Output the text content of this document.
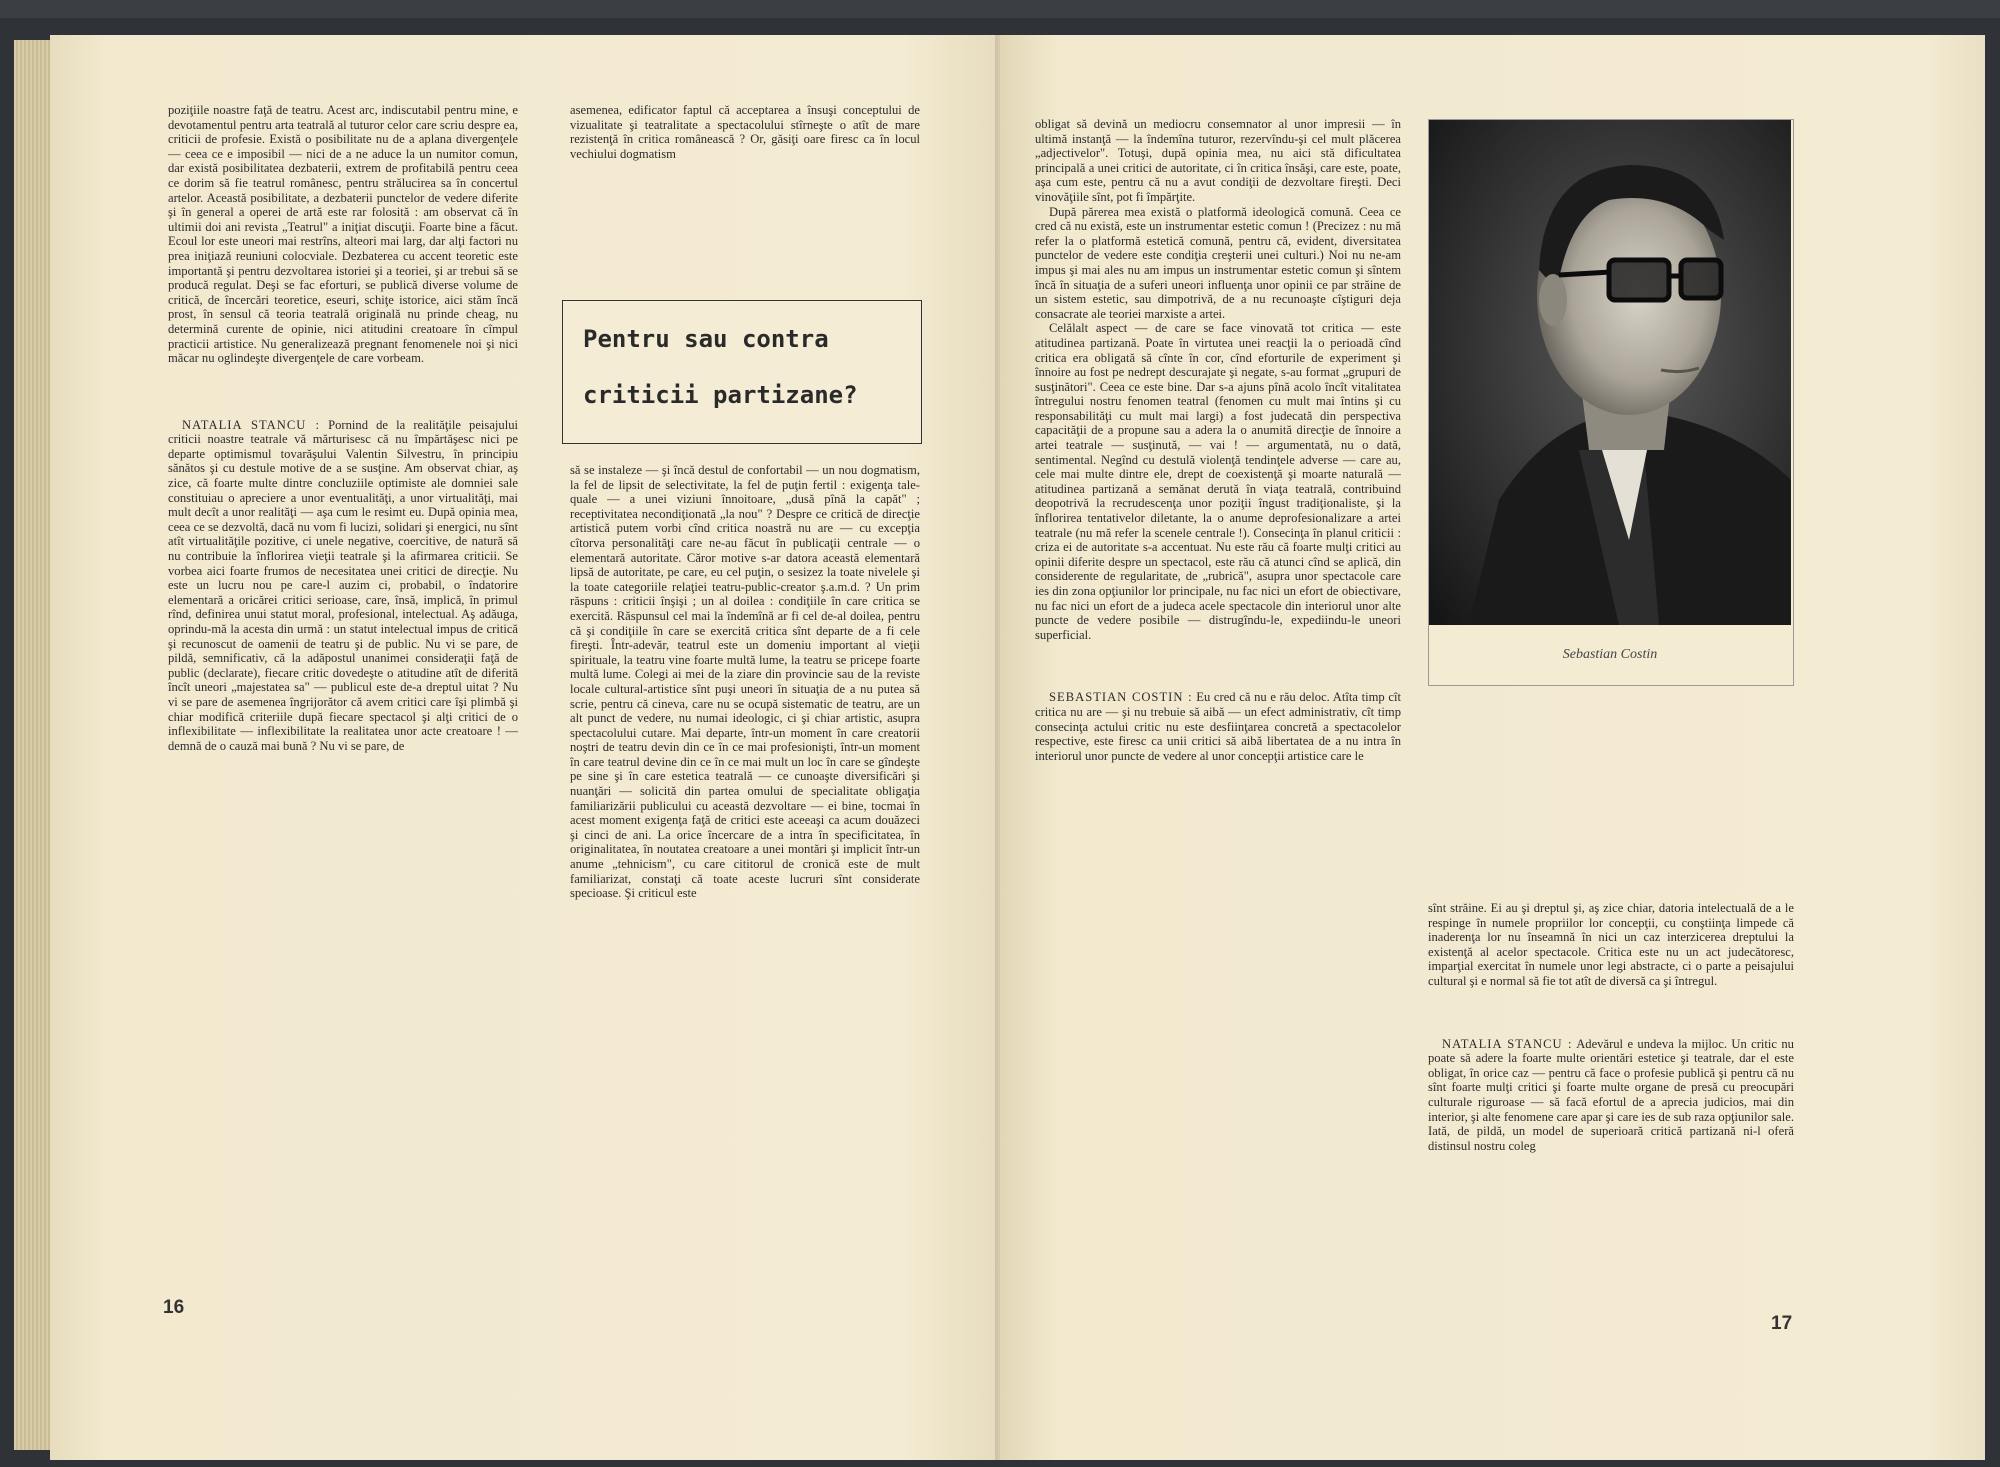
poziţiile noastre faţă de teatru. Acest arc, indiscutabil pentru mine, e devotamentul pentru arta teatrală al tuturor celor care scriu despre ea, criticii de profesie. Există o posibilitate nu de a aplana divergenţele — ceea ce e imposibil — nici de a ne aduce la un numitor comun, dar există posibilitatea dezbaterii, extrem de profitabilă pentru ceea ce dorim să fie teatrul românesc, pentru strălucirea sa în concertul artelor. Această posibilitate, a dezbaterii punctelor de vedere diferite şi în general a operei de artă este rar folosită : am observat că în ultimii doi ani revista „Teatrul" a iniţiat discuţii. Foarte bine a făcut. Ecoul lor este uneori mai restrîns, alteori mai larg, dar alţi factori nu prea iniţiază reuniuni colocviale. Dezbaterea cu accent teoretic este importantă şi pentru dezvoltarea istoriei şi a teoriei, şi ar trebui să se producă regulat. Deşi se fac eforturi, se publică diverse volume de critică, de încercări teoretice, eseuri, schiţe istorice, aici stăm încă prost, în sensul că teoria teatrală originală nu prinde cheag, nu determină curente de opinie, nici atitudini creatoare în cîmpul practicii artistice. Nu generalizează pregnant fenomenele noi şi nici măcar nu oglindeşte divergenţele de care vorbeam.

NATALIA STANCU : Pornind de la realităţile peisajului criticii noastre teatrale vă mărturisesc că nu împărtăşesc nici pe departe optimismul tovarăşului Valentin Silvestru, în principiu sănătos şi cu destule motive de a se susţine. Am observat chiar, aş zice, că foarte multe dintre concluziile optimiste ale domniei sale constituiau o apreciere a unor eventualităţi, a unor virtualităţi, mai mult decît a unor realităţi — aşa cum le resimt eu. După opinia mea, ceea ce se dezvoltă, dacă nu vom fi lucizi, solidari şi energici, nu sînt atît virtualităţile pozitive, ci unele negative, coercitive, de natură să nu contribuie la înflorirea vieţii teatrale şi la afirmarea criticii. Se vorbea aici foarte frumos de necesitatea unei critici de direcţie. Nu este un lucru nou pe care-l auzim ci, probabil, o îndatorire elementară a oricărei critici serioase, care, însă, implică, în primul rînd, definirea unui statut moral, profesional, intelectual. Aş adăuga, oprindu-mă la acesta din urmă : un statut intelectual impus de critică şi recunoscut de oamenii de teatru şi de public. Nu vi se pare, de pildă, semnificativ, că la adăpostul unanimei consideraţii faţă de public (declarate), fiecare critic dovedeşte o atitudine atît de diferită încît uneori „majestatea sa" — publicul este de-a dreptul uitat ? Nu vi se pare de asemenea îngrijorător că avem critici care îşi plimbă şi chiar modifică criteriile după fiecare spectacol şi alţi critici de o inflexibilitate — inflexibilitate la realitatea unor acte creatoare ! — demnă de o cauză mai bună ? Nu vi se pare, de

asemenea, edificator faptul că acceptarea a însuşi conceptului de vizualitate şi teatralitate a spectacolului stîrneşte o atît de mare rezistenţă în critica românească ? Or, găsiţi oare firesc ca în locul vechiului dogmatism

Pentru sau contra
criticii partizane?

să se instaleze — şi încă destul de confortabil — un nou dogmatism, la fel de lipsit de selectivitate, la fel de puţin fertil : exigenţa tale-quale — a unei viziuni înnoitoare, „dusă pînă la capăt" ; receptivitatea necondiţionată „la nou" ? Despre ce critică de direcţie artistică putem vorbi cînd critica noastră nu are — cu excepţia cîtorva personalităţi care ne-au făcut în publicaţii centrale — o elementară autoritate. Căror motive s-ar datora această elementară lipsă de autoritate, pe care, eu cel puţin, o sesizez la toate nivelele şi la toate categoriile relaţiei teatru-public-creator ş.a.m.d. ? Un prim răspuns : criticii înşişi ; un al doilea : condiţiile în care critica se exercită. Răspunsul cel mai la îndemînă ar fi cel de-al doilea, pentru că şi condiţiile în care se exercită critica sînt departe de a fi cele fireşti. Într-adevăr, teatrul este un domeniu important al vieţii spirituale, la teatru vine foarte multă lume, la teatru se pricepe foarte multă lume. Colegi ai mei de la ziare din provincie sau de la reviste locale cultural-artistice sînt puşi uneori în situaţia de a nu putea să scrie, pentru că cineva, care nu se ocupă sistematic de teatru, are un alt punct de vedere, nu numai ideologic, ci şi chiar artistic, asupra spectacolului cutare. Mai departe, într-un moment în care creatorii noştri de teatru devin din ce în ce mai profesionişti, într-un moment în care teatrul devine din ce în ce mai mult un loc în care se gîndeşte pe sine şi în care estetica teatrală — ce cunoaşte diversificări şi nuanţări — solicită din partea omului de specialitate obligaţia familiarizării publicului cu această dezvoltare — ei bine, tocmai în acest moment exigenţa faţă de critici este aceeaşi ca acum douăzeci şi cinci de ani. La orice încercare de a intra în specificitatea, în originalitatea, în noutatea creatoare a unei montări şi implicit într-un anume „tehnicism", cu care cititorul de cronică este de mult familiarizat, constaţi că toate aceste lucruri sînt considerate specioase. Şi criticul este

16

obligat să devină un mediocru consemnator al unor impresii — în ultimă instanţă — la îndemîna tuturor, rezervîndu-şi cel mult plăcerea „adjectivelor". Totuşi, după opinia mea, nu aici stă dificultatea principală a unei critici de autoritate, ci în critica însăşi, care este, poate, aşa cum este, pentru că nu a avut condiţii de dezvoltare fireşti. Deci vinovăţiile sînt, pot fi împărţite.

După părerea mea există o platformă ideologică comună. Ceea ce cred că nu există, este un instrumentar estetic comun ! (Precizez : nu mă refer la o platformă estetică comună, pentru că, evident, diversitatea punctelor de vedere este condiţia creşterii unei culturi.) Noi nu ne-am impus şi mai ales nu am impus un instrumentar estetic comun şi sîntem încă în situaţia de a suferi uneori influenţa unor opinii ce par străine de un sistem estetic, sau dimpotrivă, de a nu recunoaşte cîştiguri deja consacrate ale teoriei marxiste a artei.

Celălalt aspect — de care se face vinovată tot critica — este atitudinea partizană. Poate în virtutea unei reacţii la o perioadă cînd critica era obligată să cînte în cor, cînd eforturile de experiment şi înnoire au fost pe nedrept descurajate şi negate, s-au format „grupuri de susţinători". Ceea ce este bine. Dar s-a ajuns pînă acolo încît vitalitatea întregului nostru fenomen teatral (fenomen cu mult mai întins şi cu responsabilităţi cu mult mai largi) a fost judecată din perspectiva capacităţii de a propune sau a adera la o anumită direcţie de înnoire a artei teatrale — susţinută, — vai ! — argumentată, nu o dată, sentimental. Negînd cu destulă violenţă tendinţele adverse — care au, cele mai multe dintre ele, drept de coexistenţă şi moarte naturală — atitudinea partizană a semănat derută în viaţa teatrală, contribuind deopotrivă la recrudescenţa unor poziţii îngust tradiţionaliste, şi la înflorirea tentativelor diletante, la o anume deprofesionalizare a artei teatrale (nu mă refer la scenele centrale !). Consecinţa în planul criticii : criza ei de autoritate s-a accentuat. Nu este rău că foarte mulţi critici au opinii diferite despre un spectacol, este rău că atunci cînd se aplică, din considerente de regularitate, de „rubrică", asupra unor spectacole care ies din zona opţiunilor lor principale, nu fac nici un efort de obiectivare, nu fac nici un efort de a judeca acele spectacole din interiorul unor alte puncte de vedere posibile — distrugîndu-le, expediindu-le uneori superficial.

SEBASTIAN COSTIN : Eu cred că nu e rău deloc. Atîta timp cît critica nu are — şi nu trebuie să aibă — un efect administrativ, cît timp consecinţa actului critic nu este desfiinţarea concretă a spectacolelor respective, este firesc ca unii critici să aibă libertatea de a nu intra în interiorul unor puncte de vedere al unor concepţii artistice care le

Sebastian Costin

sînt străine. Ei au şi dreptul şi, aş zice chiar, datoria intelectuală de a le respinge în numele propriilor lor concepţii, cu conştiinţa limpede că inaderenţa lor nu înseamnă în nici un caz interzicerea dreptului la existenţă al acelor spectacole. Critica este nu un act judecătoresc, imparţial exercitat în numele unor legi abstracte, ci o parte a peisajului cultural şi e normal să fie tot atît de diversă ca şi întregul.

NATALIA STANCU : Adevărul e undeva la mijloc. Un critic nu poate să adere la foarte multe orientări estetice şi teatrale, dar el este obligat, în orice caz — pentru că face o profesie publică şi pentru că nu sînt foarte mulţi critici şi foarte multe organe de presă cu preocupări culturale riguroase — să facă efortul de a aprecia judicios, mai din interior, şi alte fenomene care apar şi care ies de sub raza opţiunilor sale. Iată, de pildă, un model de superioară critică partizană ni-l oferă distinsul nostru coleg

17
